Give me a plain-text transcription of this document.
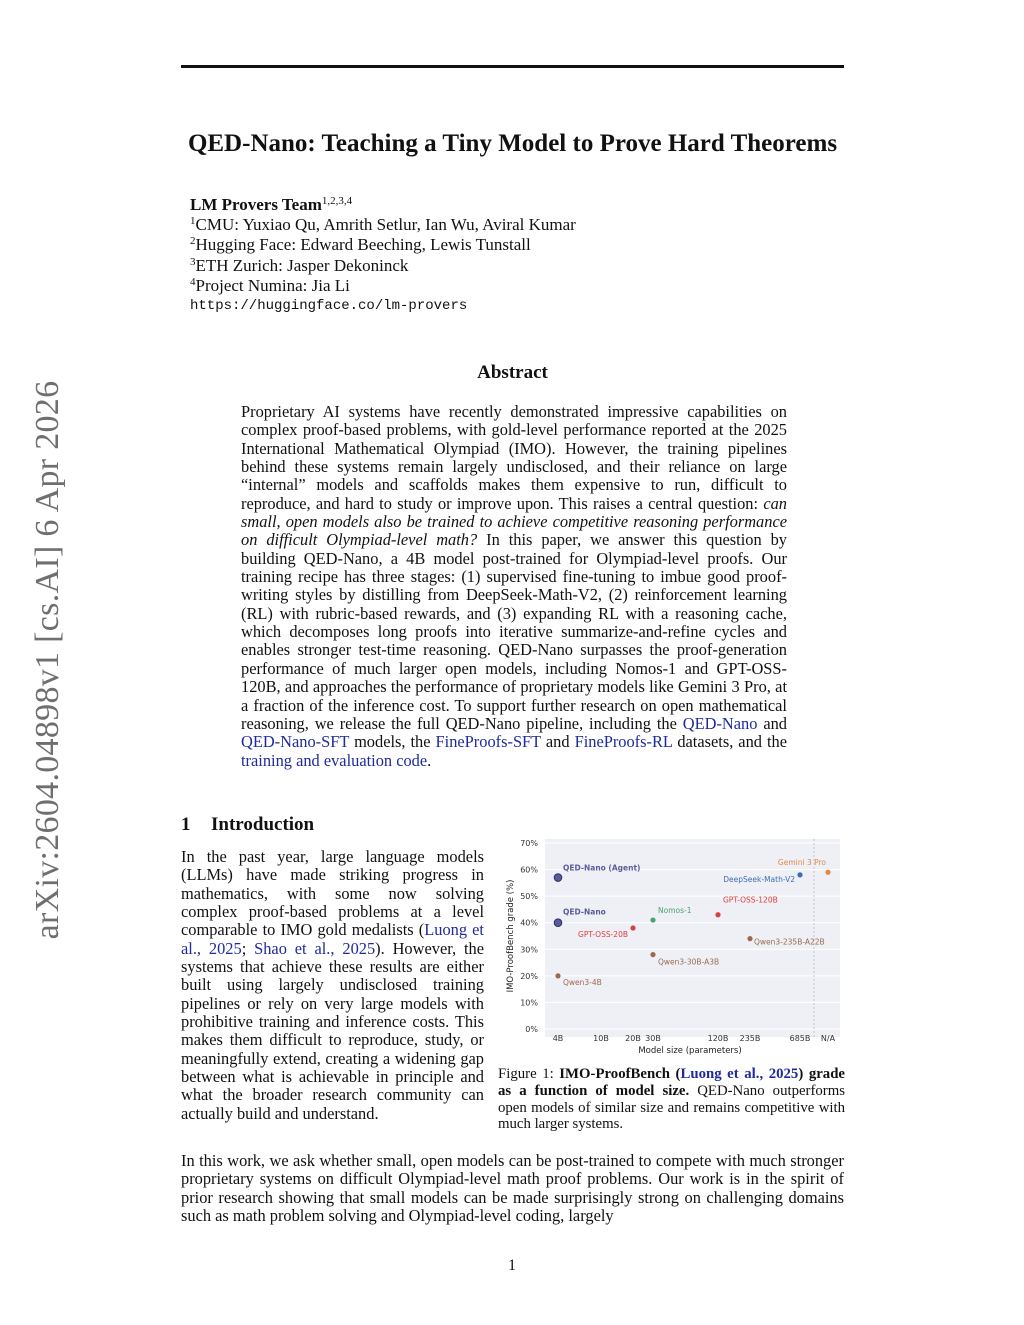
arXiv:2604.04898v1 [cs.AI] 6 Apr 2026
QED-Nano: Teaching a Tiny Model to Prove Hard Theorems
LM Provers Team$^{1,2,3,4}$
$^1$CMU: Yuxiao Qu, Amrith Setlur, Ian Wu, Aviral Kumar
$^2$Hugging Face: Edward Beeching, Lewis Tunstall
$^3$ETH Zurich: Jasper Dekoninck
$^4$Project Numina: Jia Li
https://huggingface.co/lm-provers
Abstract
Proprietary AI systems have recently demonstrated impressive capabilities on complex proof-based problems, with gold-level performance reported at the 2025 International Mathematical Olympiad (IMO). However, the training pipelines behind these systems remain largely undisclosed, and their reliance on large “internal” models and scaffolds makes them expensive to run, difficult to reproduce, and hard to study or improve upon. This raises a central question: can small, open models also be trained to achieve competitive reasoning performance on difficult Olympiad-level math? In this paper, we answer this question by building QED-Nano, a 4B model post-trained for Olympiad-level proofs. Our training recipe has three stages: (1) supervised fine-tuning to imbue good proof-writing styles by distilling from DeepSeek-Math-V2, (2) reinforcement learning (RL) with rubric-based rewards, and (3) expanding RL with a reasoning cache, which decomposes long proofs into iterative summarize-and-refine cycles and enables stronger test-time reasoning. QED-Nano surpasses the proof-generation performance of much larger open models, including Nomos-1 and GPT-OSS-120B, and approaches the performance of proprietary models like Gemini 3 Pro, at a fraction of the inference cost. To support further research on open mathematical reasoning, we release the full QED-Nano pipeline, including the QED-Nano and QED-Nano-SFT models, the FineProofs-SFT and FineProofs-RL datasets, and the training and evaluation code.
1 Introduction
In the past year, large language models (LLMs) have made striking progress in mathematics, with some now solving complex proof-based problems at a level comparable to IMO gold medalists (Luong et al., 2025; Shao et al., 2025). However, the systems that achieve these results are either built using largely undisclosed training pipelines or rely on very large models with prohibitive training and inference costs. This makes them difficult to reproduce, study, or meaningfully extend, creating a widening gap between what is achievable in principle and what the broader research community can actually build and understand.
0%
10%
20%
30%
40%
50%
60%
70%
4B	10B 20B 30B	120B 235B	685B N/A
Model size (parameters)
IMO-ProofBench grade (%)
QED-Nano (Agent)
QED-Nano
Qwen3-4B
GPT-OSS-20B
Nomos-1
Qwen3-30B-A3B
GPT-OSS-120B
Qwen3-235B-A22B
DeepSeek-Math-V2
Gemini 3 Pro
Figure 1: IMO-ProofBench (Luong et al., 2025) grade as a function of model size. QED-Nano outperforms open models of similar size and remains competitive with much larger systems.
In this work, we ask whether small, open models can be post-trained to compete with much stronger proprietary systems on difficult Olympiad-level math proof problems. Our work is in the spirit of prior research showing that small models can be made surprisingly strong on challenging domains such as math problem solving and Olympiad-level coding, largely
1
